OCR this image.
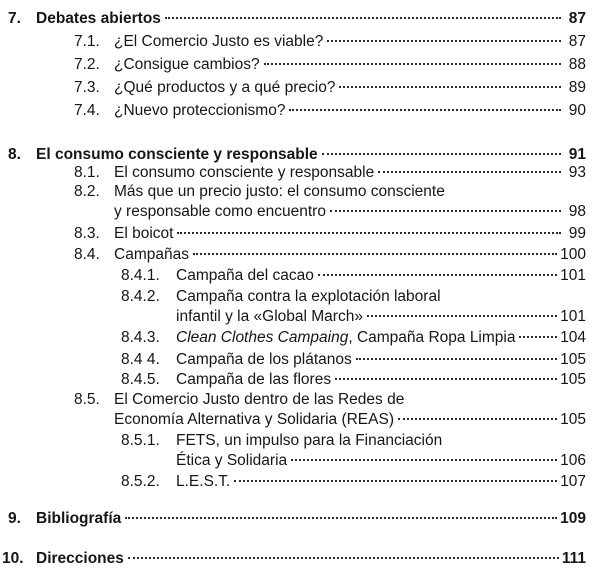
7. Debates abiertos	87
7.1. ¿El Comercio Justo es viable?	87
7.2. ¿Consigue cambios?	88
7.3. ¿Qué productos y a qué precio?	89
7.4. ¿Nuevo proteccionismo?	90
8. El consumo consciente y responsable	91
8.1. El consumo consciente y responsable	93
8.2. Más que un precio justo: el consumo consciente
y responsable como encuentro	98
8.3. El boicot	99
8.4. Campañas	100
8.4.1.	Campaña del cacao	101
8.4.2. Campaña contra la explotación laboral
infantil y la «Global March»	101
8.4.3.	Clean Clothes Campaing, Campaña Ropa Limpia	104
8.4 4.	Campaña de los plátanos	105
8.4.5.	Campaña de las flores	105
8.5. El Comercio Justo dentro de las Redes de
Economía Alternativa y Solidaria (REAS)	105
8.5.1. FETS, un impulso para la Financiación
Ética y Solidaria	106
8.5.2.	L.E.S.T.	107
9. Bibliografía	109
10. Direcciones	111
